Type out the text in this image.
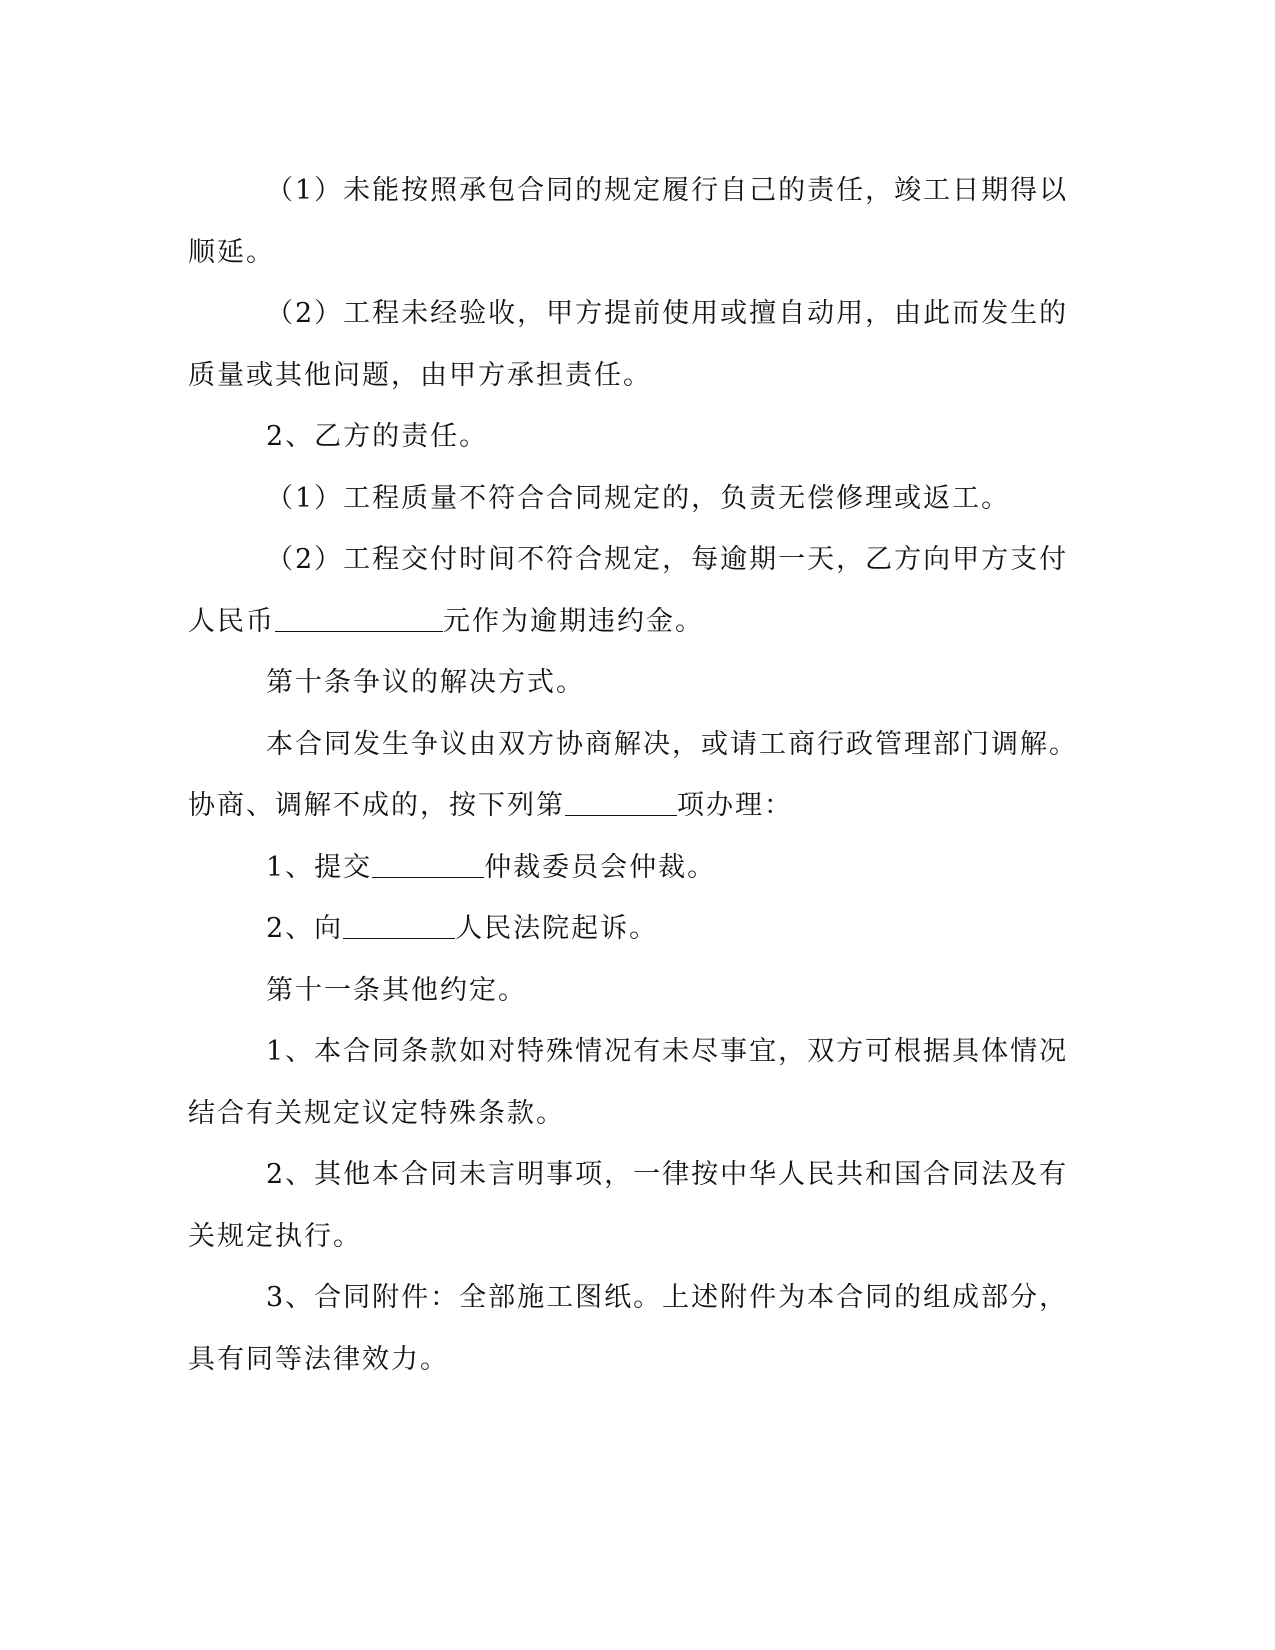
（1）未能按照承包合同的规定履行自己的责任，竣工日期得以

顺延。

（2）工程未经验收，甲方提前使用或擅自动用，由此而发生的

质量或其他问题，由甲方承担责任。

2、乙方的责任。

（1）工程质量不符合合同规定的，负责无偿修理或返工。

（2）工程交付时间不符合规定，每逾期一天，乙方向甲方支付

人民币	元作为逾期违约金。

第十条争议的解决方式。

本合同发生争议由双方协商解决，或请工商行政管理部门调解。

协商、调解不成的，按下列第	项办理：

1、提交	仲裁委员会仲裁。

2、向	人民法院起诉。

第十一条其他约定。

1、本合同条款如对特殊情况有未尽事宜，双方可根据具体情况

结合有关规定议定特殊条款。

2、其他本合同未言明事项，一律按中华人民共和国合同法及有

关规定执行。

3、合同附件：全部施工图纸。上述附件为本合同的组成部分，

具有同等法律效力。
